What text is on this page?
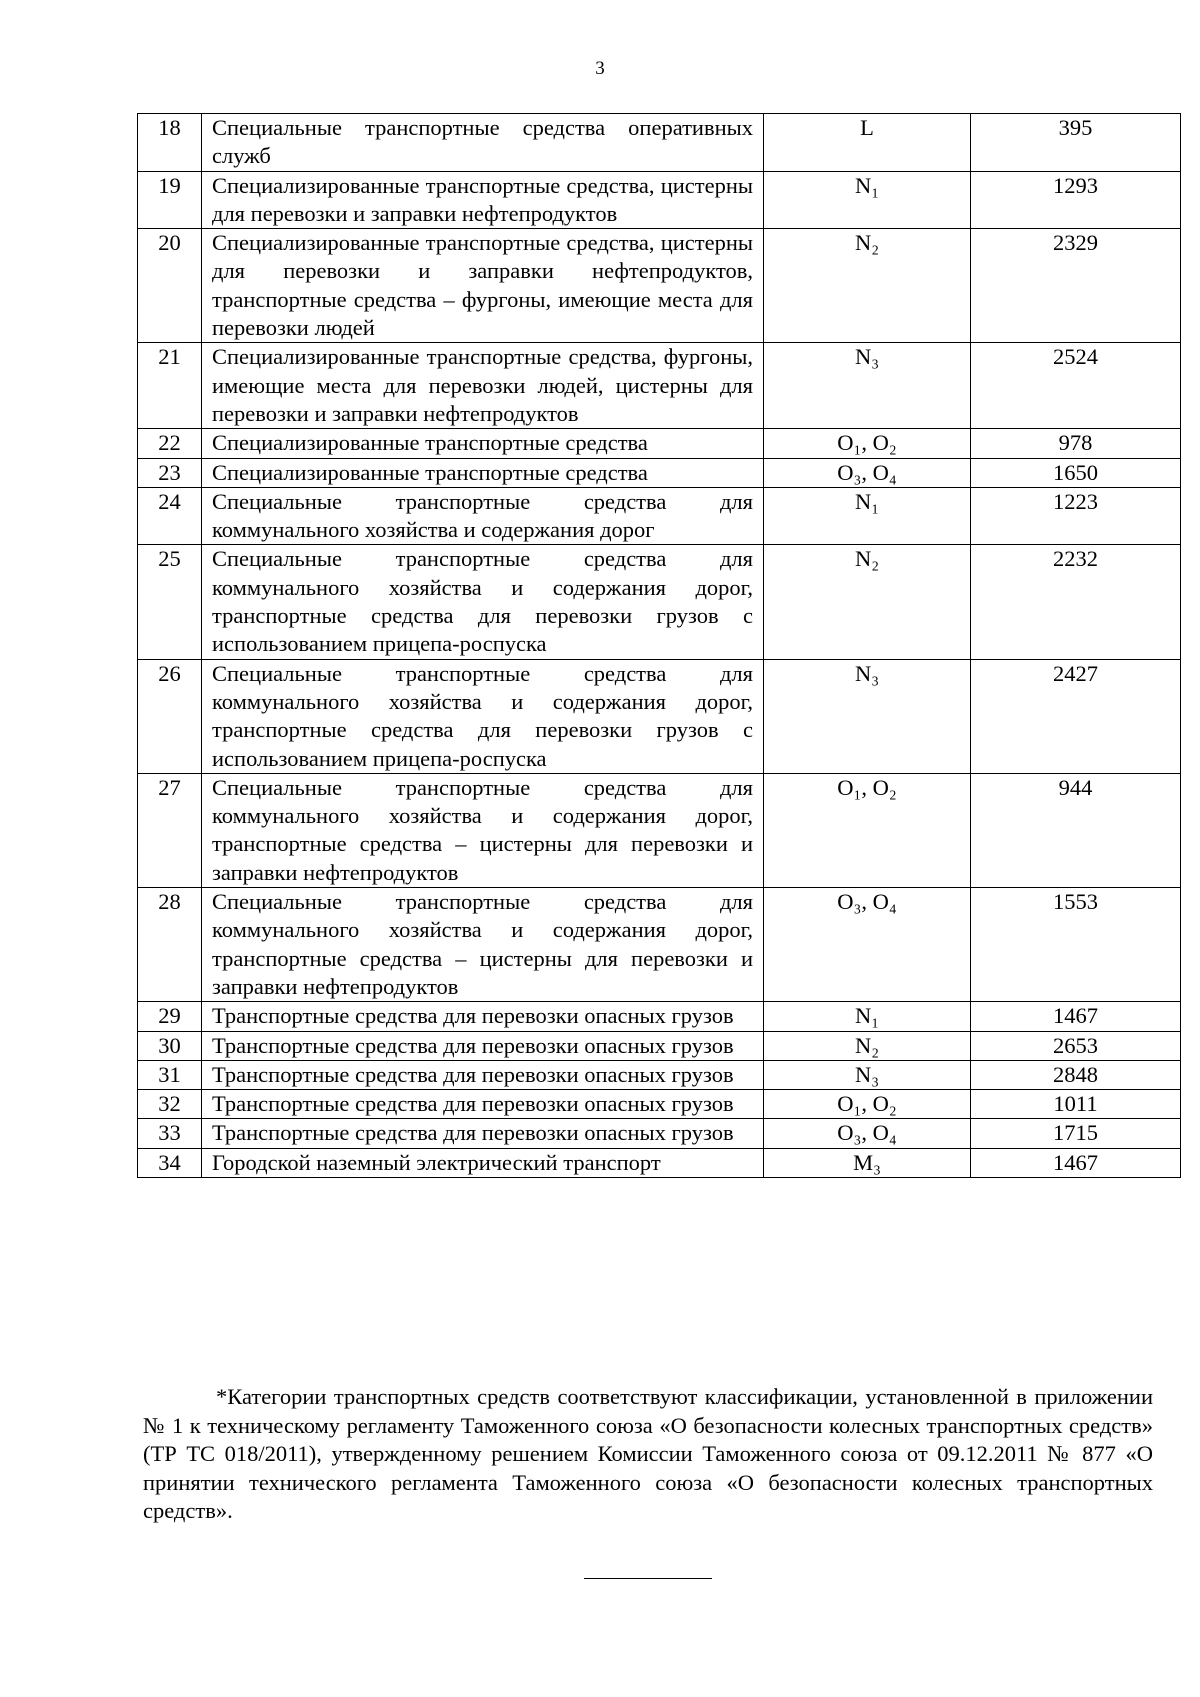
3
18	Специальные транспортные средства оперативных служб	L	395
19	Специализированные транспортные средства, цистерны для перевозки и заправки нефтепродуктов	N₁	1293
20	Специализированные транспортные средства, цистерны для перевозки и заправки нефтепродуктов, транспортные средства – фургоны, имеющие места для перевозки людей	N₂	2329
21	Специализированные транспортные средства, фургоны, имеющие места для перевозки людей, цистерны для перевозки и заправки нефтепродуктов	N₃	2524
22	Специализированные транспортные средства	O₁, O₂	978
23	Специализированные транспортные средства	O₃, O₄	1650
24	Специальные транспортные средства для коммунального хозяйства и содержания дорог	N₁	1223
25	Специальные транспортные средства для коммунального хозяйства и содержания дорог, транспортные средства для перевозки грузов с использованием прицепа-роспуска	N₂	2232
26	Специальные транспортные средства для коммунального хозяйства и содержания дорог, транспортные средства для перевозки грузов с использованием прицепа-роспуска	N₃	2427
27	Специальные транспортные средства для коммунального хозяйства и содержания дорог, транспортные средства – цистерны для перевозки и заправки нефтепродуктов	O₁, O₂	944
28	Специальные транспортные средства для коммунального хозяйства и содержания дорог, транспортные средства – цистерны для перевозки и заправки нефтепродуктов	O₃, O₄	1553
29	Транспортные средства для перевозки опасных грузов	N₁	1467
30	Транспортные средства для перевозки опасных грузов	N₂	2653
31	Транспортные средства для перевозки опасных грузов	N₃	2848
32	Транспортные средства для перевозки опасных грузов	O₁, O₂	1011
33	Транспортные средства для перевозки опасных грузов	O₃, O₄	1715
34	Городской наземный электрический транспорт	M₃	1467

*Категории транспортных средств соответствуют классификации, установленной в приложении № 1 к техническому регламенту Таможенного союза «О безопасности колесных транспортных средств» (ТР ТС 018/2011), утвержденному решением Комиссии Таможенного союза от 09.12.2011 № 877 «О принятии технического регламента Таможенного союза «О безопасности колесных транспортных средств».
